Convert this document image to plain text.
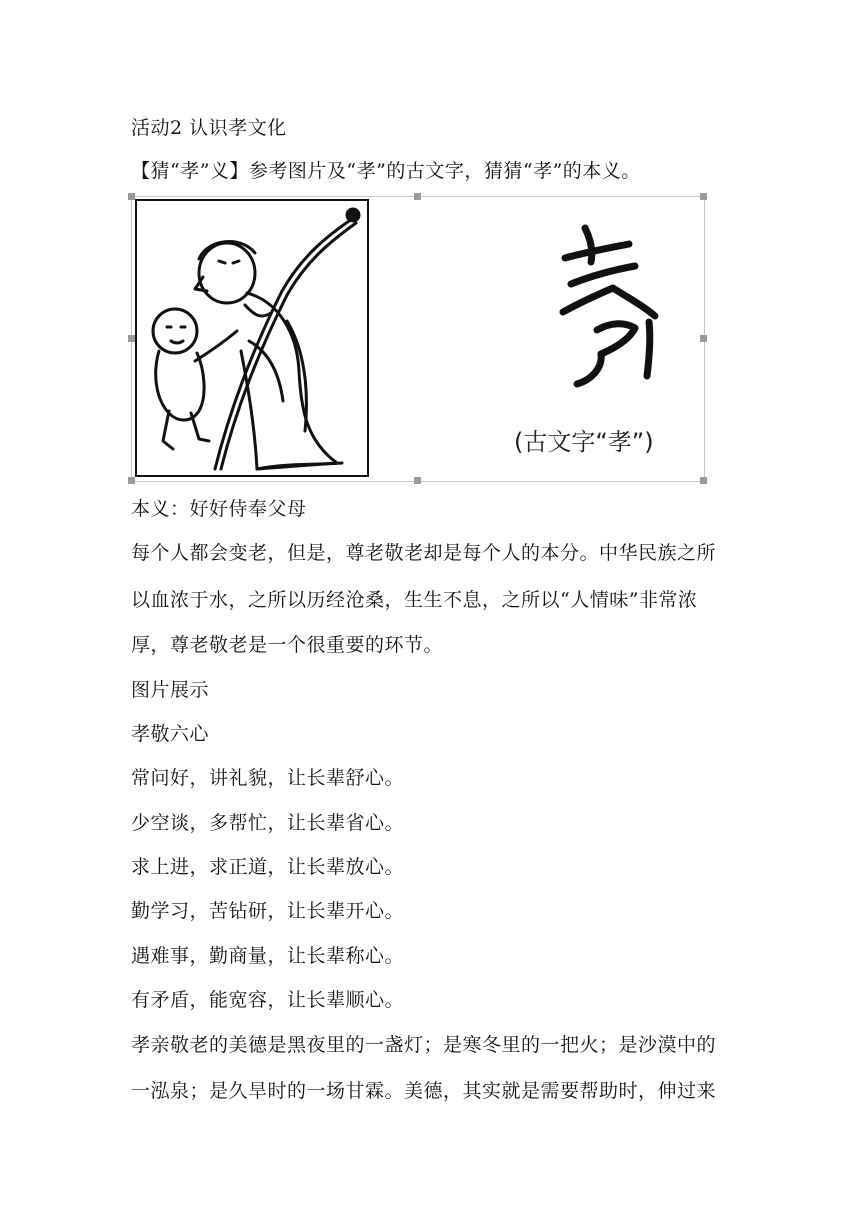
活动2 认识孝文化
【猜“孝”义】参考图片及“孝”的古文字，猜猜“孝”的本义。
(古文字“孝”)
本义：好好侍奉父母
每个人都会变老，但是，尊老敬老却是每个人的本分。中华民族之所
以血浓于水，之所以历经沧桑，生生不息，之所以“人情味”非常浓
厚，尊老敬老是一个很重要的环节。
图片展示
孝敬六心
常问好，讲礼貌，让长辈舒心。
少空谈，多帮忙，让长辈省心。
求上进，求正道，让长辈放心。
勤学习，苦钻研，让长辈开心。
遇难事，勤商量，让长辈称心。
有矛盾，能宽容，让长辈顺心。
孝亲敬老的美德是黑夜里的一盏灯；是寒冬里的一把火；是沙漠中的
一泓泉；是久旱时的一场甘霖。美德，其实就是需要帮助时，伸过来
